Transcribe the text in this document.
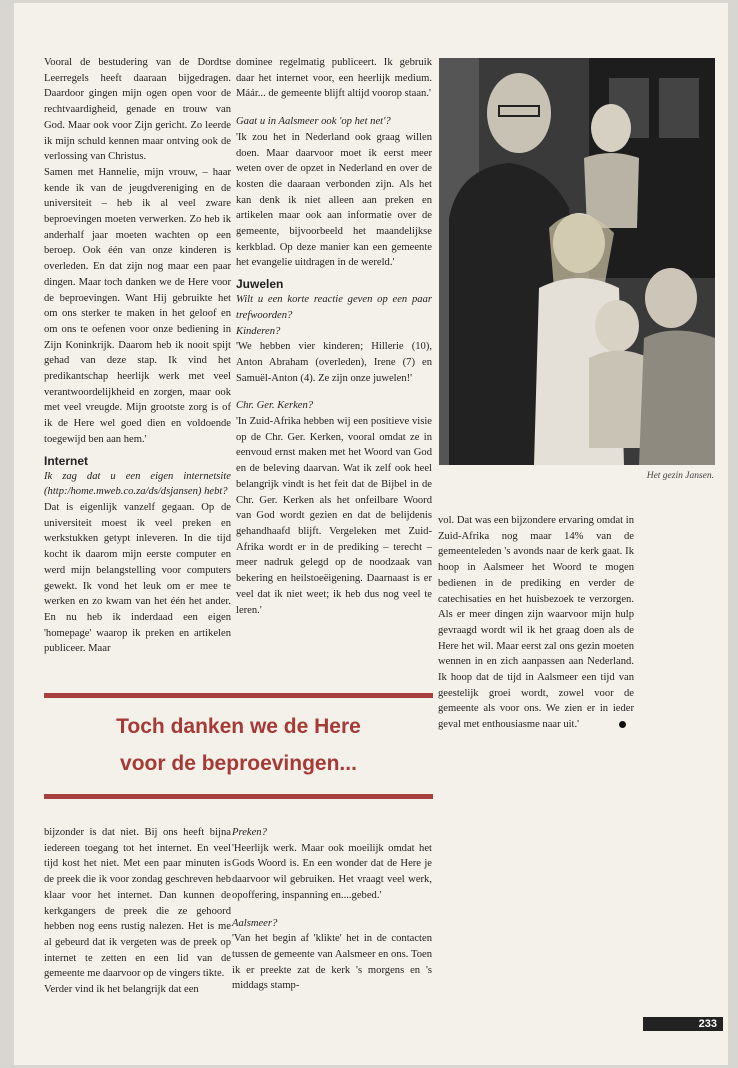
Vooral de bestudering van de Dordtse Leerregels heeft daaraan bijgedragen. Daardoor gingen mijn ogen open voor de rechtvaardigheid, genade en trouw van God. Maar ook voor Zijn gericht. Zo leerde ik mijn schuld kennen maar ontving ook de verlossing van Christus.

Samen met Hannelie, mijn vrouw, – haar kende ik van de jeugdvereniging en de universiteit – heb ik al veel zware beproevingen moeten verwerken. Zo heb ik anderhalf jaar moeten wachten op een beroep. Ook één van onze kinderen is overleden. En dat zijn nog maar een paar dingen. Maar toch danken we de Here voor de beproevingen. Want Hij gebruikte het om ons sterker te maken in het geloof en om ons te oefenen voor onze bediening in Zijn Koninkrijk. Daarom heb ik nooit spijt gehad van deze stap. Ik vind het predikantschap heerlijk werk met veel verantwoordelijkheid en zorgen, maar ook met veel vreugde. Mijn grootste zorg is of ik de Here wel goed dien en voldoende toegewijd ben aan hem.'

Internet

Ik zag dat u een eigen internetsite (http:/home.mweb.co.za/ds/dsjansen) hebt?

Dat is eigenlijk vanzelf gegaan. Op de universiteit moest ik veel preken en werkstukken getypt inleveren. In die tijd kocht ik daarom mijn eerste computer en werd mijn belangstelling voor computers gewekt. Ik vond het leuk om er mee te werken en zo kwam van het één het ander. En nu heb ik inderdaad een eigen 'homepage' waarop ik preken en artikelen publiceer. Maar

dominee regelmatig publiceert. Ik gebruik daar het internet voor, een heerlijk medium. Máár... de gemeente blijft altijd voorop staan.'

Gaat u in Aalsmeer ook 'op het net'?

'Ik zou het in Nederland ook graag willen doen. Maar daarvoor moet ik eerst meer weten over de opzet in Nederland en over de kosten die daaraan verbonden zijn. Als het kan denk ik niet alleen aan preken en artikelen maar ook aan informatie over de gemeente, bijvoorbeeld het maandelijkse kerkblad. Op deze manier kan een gemeente het evangelie uitdragen in de wereld.'

Juwelen

Wilt u een korte reactie geven op een paar trefwoorden?

Kinderen?

'We hebben vier kinderen; Hillerie (10), Anton Abraham (overleden), Irene (7) en Samuël-Anton (4). Ze zijn onze juwelen!'

Chr. Ger. Kerken?

'In Zuid-Afrika hebben wij een positieve visie op de Chr. Ger. Kerken, vooral omdat ze in eenvoud ernst maken met het Woord van God en de beleving daarvan. Wat ik zelf ook heel belangrijk vindt is het feit dat de Bijbel in de Chr. Ger. Kerken als het onfeilbare Woord van God wordt gezien en dat de belijdenis gehandhaafd blijft. Vergeleken met Zuid-Afrika wordt er in de prediking – terecht – meer nadruk gelegd op de noodzaak van bekering en heilstoeëigening. Daarnaast is er veel dat ik niet weet; ik heb dus nog veel te leren.'

Het gezin Jansen.

vol. Dat was een bijzondere ervaring omdat in Zuid-Afrika nog maar 14% van de gemeenteleden 's avonds naar de kerk gaat. Ik hoop in Aalsmeer het Woord te mogen bedienen in de prediking en verder de catechisaties en het huisbezoek te verzorgen. Als er meer dingen zijn waarvoor mijn hulp gevraagd wordt wil ik het graag doen als de Here het wil. Maar eerst zal ons gezin moeten wennen in en zich aanpassen aan Nederland. Ik hoop dat de tijd in Aalsmeer een tijd van geestelijk groei wordt, zowel voor de gemeente als voor ons. We zien er in ieder geval met enthousiasme naar uit.'

Toch danken we de Here
voor de beproevingen...

bijzonder is dat niet. Bij ons heeft bijna iedereen toegang tot het internet. En veel tijd kost het niet. Met een paar minuten is de preek die ik voor zondag geschreven heb klaar voor het internet. Dan kunnen de kerkgangers de preek die ze gehoord hebben nog eens rustig nalezen. Het is me al gebeurd dat ik vergeten was de preek op internet te zetten en een lid van de gemeente me daarvoor op de vingers tikte.

Verder vind ik het belangrijk dat een

Preken?

'Heerlijk werk. Maar ook moeilijk omdat het Gods Woord is. En een wonder dat de Here je daarvoor wil gebruiken. Het vraagt veel werk, opoffering, inspanning en....gebed.'

Aalsmeer?

'Van het begin af 'klikte' het in de contacten tussen de gemeente van Aalsmeer en ons. Toen ik er preekte zat de kerk 's morgens en 's middags stamp-

233
